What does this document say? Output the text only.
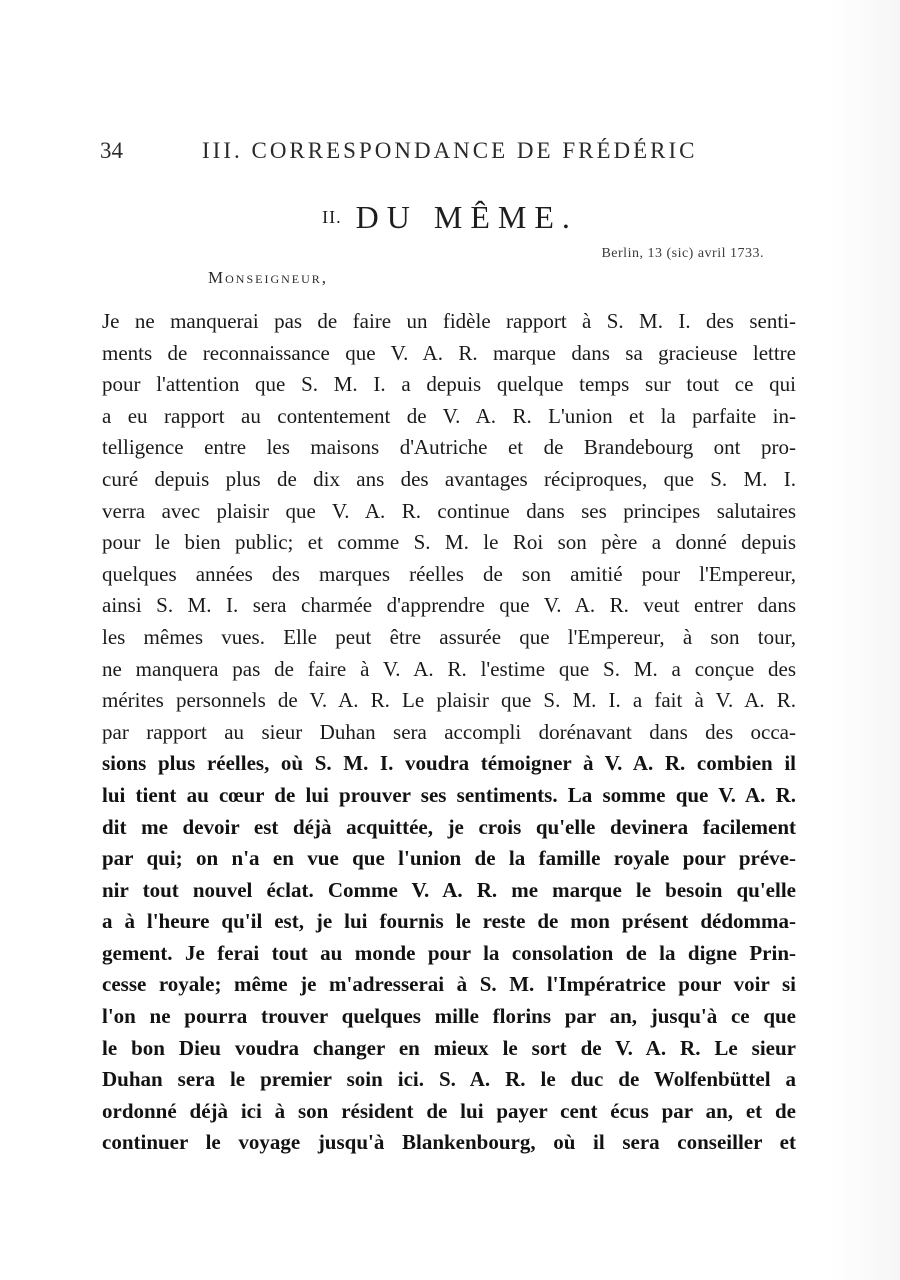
34	III. CORRESPONDANCE DE FRÉDÉRIC
II. DU MÊME.
Berlin, 13 (sic) avril 1733.
Monseigneur,
Je ne manquerai pas de faire un fidèle rapport à S. M. I. des senti-
ments de reconnaissance que V. A. R. marque dans sa gracieuse lettre
pour l'attention que S. M. I. a depuis quelque temps sur tout ce qui
a eu rapport au contentement de V. A. R. L'union et la parfaite in-
telligence entre les maisons d'Autriche et de Brandebourg ont pro-
curé depuis plus de dix ans des avantages réciproques, que S. M. I.
verra avec plaisir que V. A. R. continue dans ses principes salutaires
pour le bien public; et comme S. M. le Roi son père a donné depuis
quelques années des marques réelles de son amitié pour l'Empereur,
ainsi S. M. I. sera charmée d'apprendre que V. A. R. veut entrer dans
les mêmes vues. Elle peut être assurée que l'Empereur, à son tour,
ne manquera pas de faire à V. A. R. l'estime que S. M. a conçue des
mérites personnels de V. A. R. Le plaisir que S. M. I. a fait à V. A. R.
par rapport au sieur Duhan sera accompli dorénavant dans des occa-
sions plus réelles, où S. M. I. voudra témoigner à V. A. R. combien il
lui tient au cœur de lui prouver ses sentiments. La somme que V. A. R.
dit me devoir est déjà acquittée, je crois qu'elle devinera facilement
par qui; on n'a en vue que l'union de la famille royale pour préve-
nir tout nouvel éclat. Comme V. A. R. me marque le besoin qu'elle
a à l'heure qu'il est, je lui fournis le reste de mon présent dédomma-
gement. Je ferai tout au monde pour la consolation de la digne Prin-
cesse royale; même je m'adresserai à S. M. l'Impératrice pour voir si
l'on ne pourra trouver quelques mille florins par an, jusqu'à ce que
le bon Dieu voudra changer en mieux le sort de V. A. R. Le sieur
Duhan sera le premier soin ici. S. A. R. le duc de Wolfenbüttel a
ordonné déjà ici à son résident de lui payer cent écus par an, et de
continuer le voyage jusqu'à Blankenbourg, où il sera conseiller et
